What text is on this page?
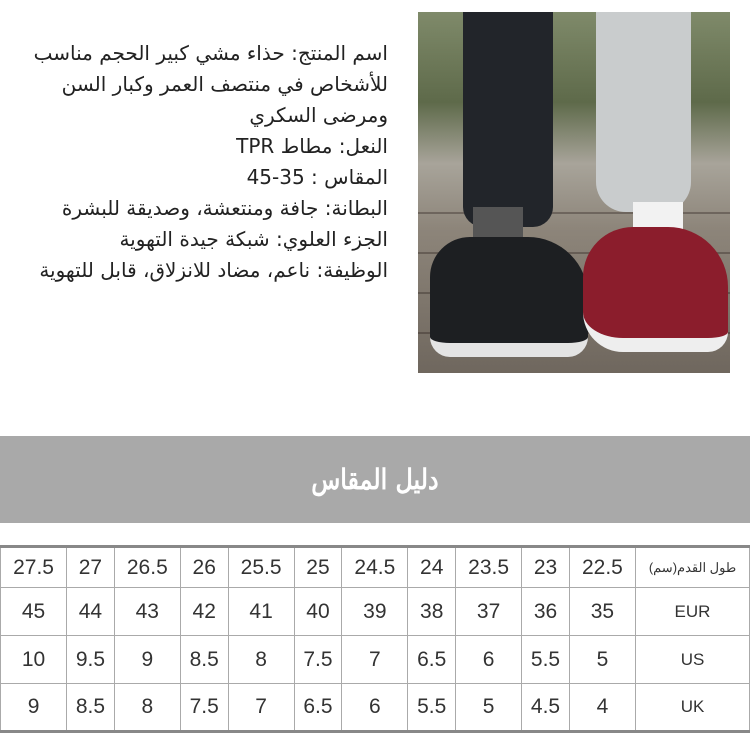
اسم المنتج: حذاء مشي كبير الحجم مناسب للأشخاص في منتصف العمر وكبار السن ومرضى السكري
النعل: مطاط TPR
المقاس : 35-45
البطانة: جافة ومنتعشة، وصديقة للبشرة
الجزء العلوي: شبكة جيدة التهوية
الوظيفة: ناعم، مضاد للانزلاق، قابل للتهوية
دليل المقاس
27.5	27	26.5	26	25.5	25	24.5	24	23.5	23	22.5	طول القدم(سم)
45	44	43	42	41	40	39	38	37	36	35	EUR
10	9.5	9	8.5	8	7.5	7	6.5	6	5.5	5	US
9	8.5	8	7.5	7	6.5	6	5.5	5	4.5	4	UK
